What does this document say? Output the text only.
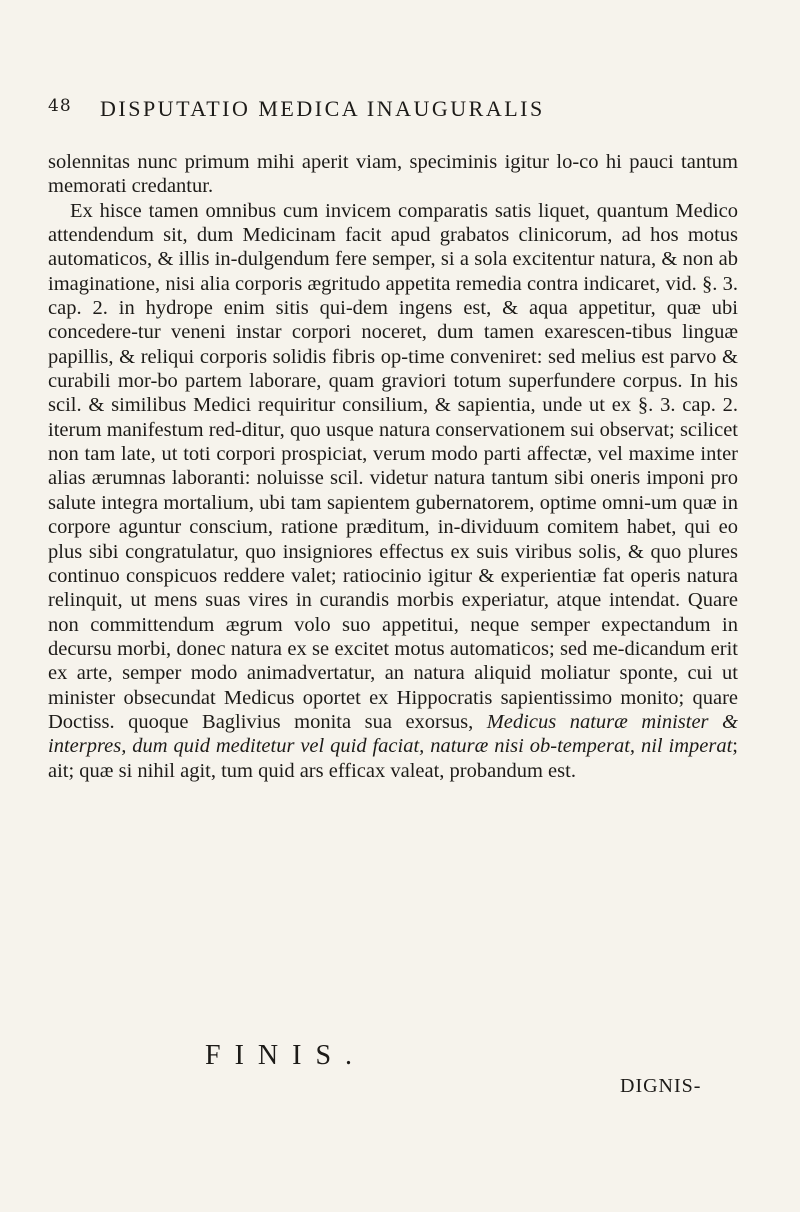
48 DISPUTATIO MEDICA INAUGURALIS

solennitas nunc primum mihi aperit viam, speciminis igitur lo-co hi pauci tantum memorati credantur.

Ex hisce tamen omnibus cum invicem comparatis satis liquet, quantum Medico attendendum sit, dum Medicinam facit apud grabatos clinicorum, ad hos motus automaticos, & illis in-dulgendum fere semper, si a sola excitentur natura, & non ab imaginatione, nisi alia corporis ægritudo appetita remedia contra indicaret, vid. §. 3. cap. 2. in hydrope enim sitis qui-dem ingens est, & aqua appetitur, quæ ubi concedere-tur veneni instar corpori noceret, dum tamen exarescen-tibus linguæ papillis, & reliqui corporis solidis fibris op-time conveniret: sed melius est parvo & curabili mor-bo partem laborare, quam graviori totum superfundere corpus. In his scil. & similibus Medici requiritur consilium, & sapientia, unde ut ex §. 3. cap. 2. iterum manifestum red-ditur, quo usque natura conservationem sui observat; scilicet non tam late, ut toti corpori prospiciat, verum modo parti affectæ, vel maxime inter alias ærumnas laboranti: noluisse scil. videtur natura tantum sibi oneris imponi pro salute integra mortalium, ubi tam sapientem gubernatorem, optime omni-um quæ in corpore aguntur conscium, ratione præditum, in-dividuum comitem habet, qui eo plus sibi congratulatur, quo insigniores effectus ex suis viribus solis, & quo plures continuo conspicuos reddere valet; ratiocinio igitur & experientiæ fat operis natura relinquit, ut mens suas vires in curandis morbis experiatur, atque intendat. Quare non committendum ægrum volo suo appetitui, neque semper expectandum in decursu morbi, donec natura ex se excitet motus automaticos; sed me-dicandum erit ex arte, semper modo animadvertatur, an natura aliquid moliatur sponte, cui ut minister obsecundat Medicus oportet ex Hippocratis sapientissimo monito; quare Doctiss. quoque Baglivius monita sua exorsus, Medicus naturæ minister & interpres, dum quid meditetur vel quid faciat, naturæ nisi ob-temperat, nil imperat; ait; quæ si nihil agit, tum quid ars efficax valeat, probandum est.

FINIS.
DIGNIS-
